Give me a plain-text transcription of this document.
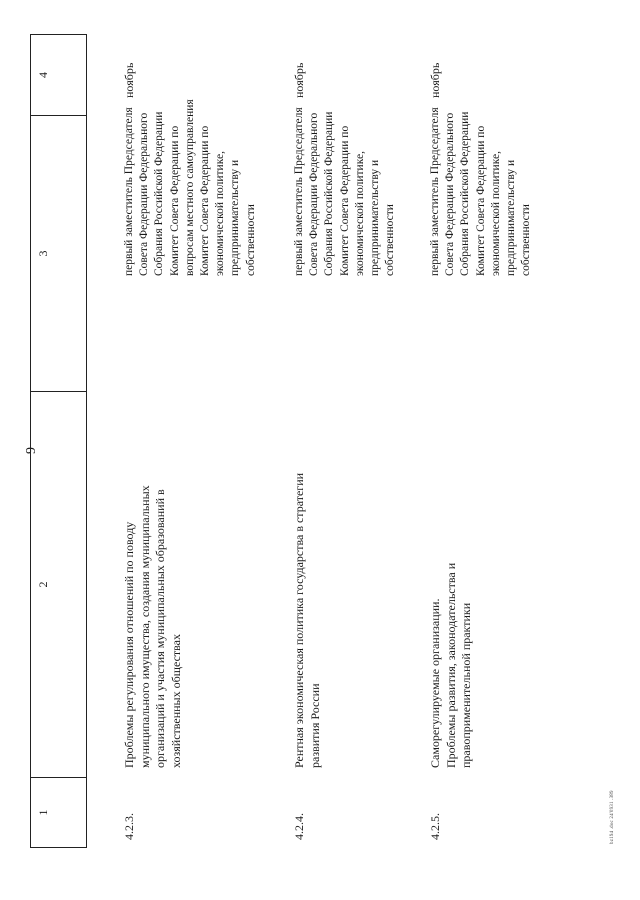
9
1
2
3
4
4.2.3.
Проблемы регулирования отношений по поводу
муниципального имущества, создания муниципальных
организаций и участия муниципальных образований в
хозяйственных обществах
первый заместитель Председателя
Совета Федерации Федерального
Собрания Российской Федерации
Комитет Совета Федерации по
вопросам местного самоуправления
Комитет Совета Федерации по
экономической политике,
предпринимательству и
собственности
ноябрь
4.2.4.
Рентная экономическая политика государства в стратегии
развития России
первый заместитель Председателя
Совета Федерации Федерального
Собрания Российской Федерации
Комитет Совета Федерации по
экономической политике,
предпринимательству и
собственности
ноябрь
4.2.5.
Саморегулируемые организации.
Проблемы развития, законодательства и
правоприменительной практики
первый заместитель Председателя
Совета Федерации Федерального
Собрания Российской Федерации
Комитет Совета Федерации по
экономической политике,
предпринимательству и
собственности
ноябрь
bz194 .doc 24'0931 .389
